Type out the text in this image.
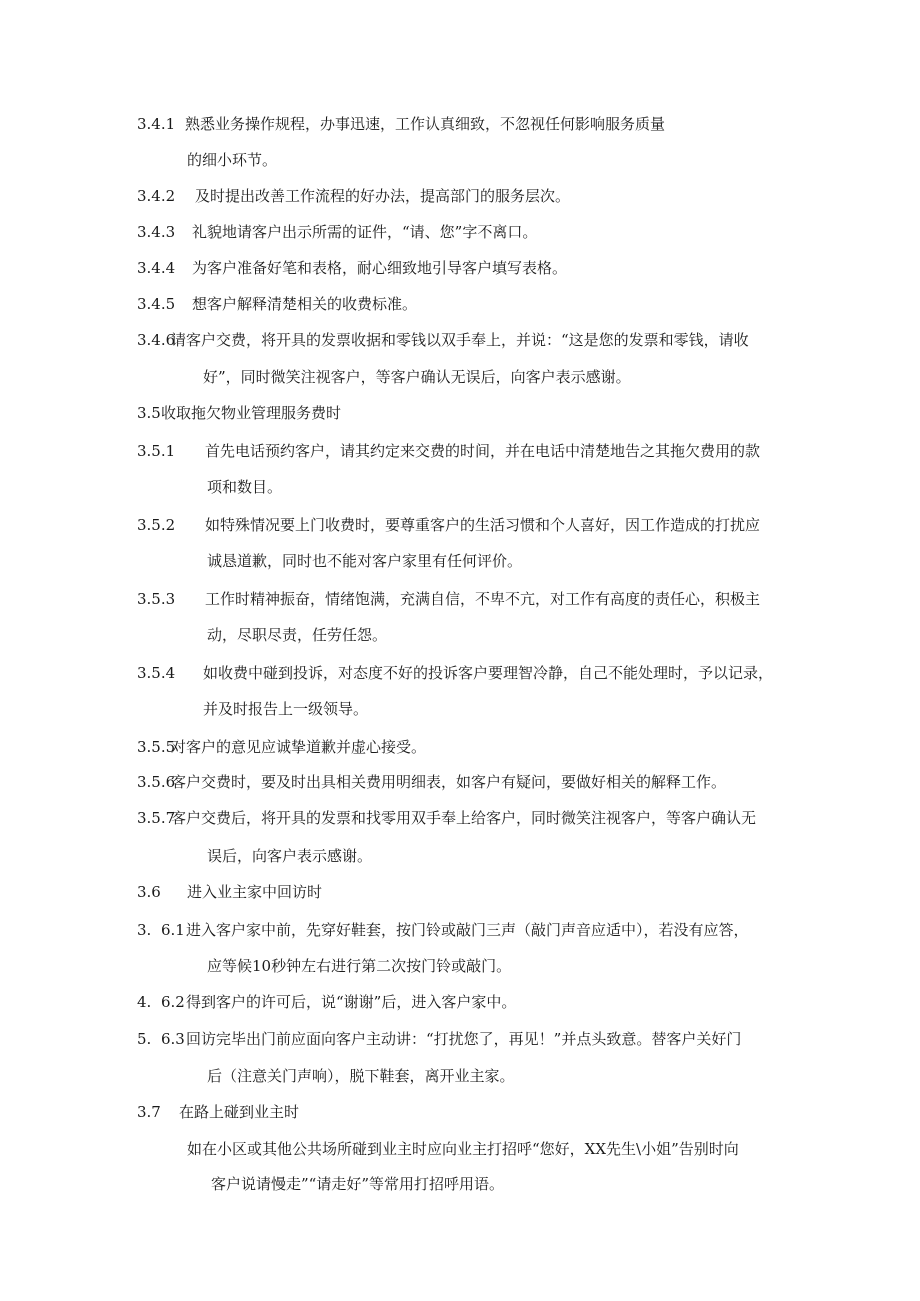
3.4.1 熟悉业务操作规程，办事迅速，工作认真细致，不忽视任何影响服务质量
的细小环节。
3.4.2 及时提出改善工作流程的好办法，提高部门的服务层次。
3.4.3 礼貌地请客户出示所需的证件，“请、您”字不离口。
3.4.4 为客户准备好笔和表格，耐心细致地引导客户填写表格。
3.4.5 想客户解释清楚相关的收费标准。
3.4.6请客户交费，将开具的发票收据和零钱以双手奉上，并说：“这是您的发票和零钱，请收
好”，同时微笑注视客户，等客户确认无误后，向客户表示感谢。
3.5收取拖欠物业管理服务费时
3.5.1 首先电话预约客户，请其约定来交费的时间，并在电话中清楚地告之其拖欠费用的款
项和数目。
3.5.2 如特殊情况要上门收费时，要尊重客户的生活习惯和个人喜好，因工作造成的打扰应
诚恳道歉，同时也不能对客户家里有任何评价。
3.5.3 工作时精神振奋，情绪饱满，充满自信，不卑不亢，对工作有高度的责任心，积极主
动，尽职尽责，任劳任怨。
3.5.4 如收费中碰到投诉，对态度不好的投诉客户要理智冷静，自己不能处理时，予以记录，
并及时报告上一级领导。
3.5.5对客户的意见应诚挚道歉并虚心接受。
3.5.6客户交费时，要及时出具相关费用明细表，如客户有疑问，要做好相关的解释工作。
3.5.7客户交费后，将开具的发票和找零用双手奉上给客户，同时微笑注视客户，等客户确认无
误后，向客户表示感谢。
3.6 进入业主家中回访时
3. 6.1进入客户家中前，先穿好鞋套，按门铃或敲门三声（敲门声音应适中），若没有应答，
应等候10秒钟左右进行第二次按门铃或敲门。
4. 6.2得到客户的许可后，说“谢谢”后，进入客户家中。
5. 6.3回访完毕出门前应面向客户主动讲：“打扰您了，再见！”并点头致意。替客户关好门
后（注意关门声响），脱下鞋套，离开业主家。
3.7 在路上碰到业主时
如在小区或其他公共场所碰到业主时应向业主打招呼“您好，XX先生\小姐”告别时向
客户说请慢走”“请走好”等常用打招呼用语。
